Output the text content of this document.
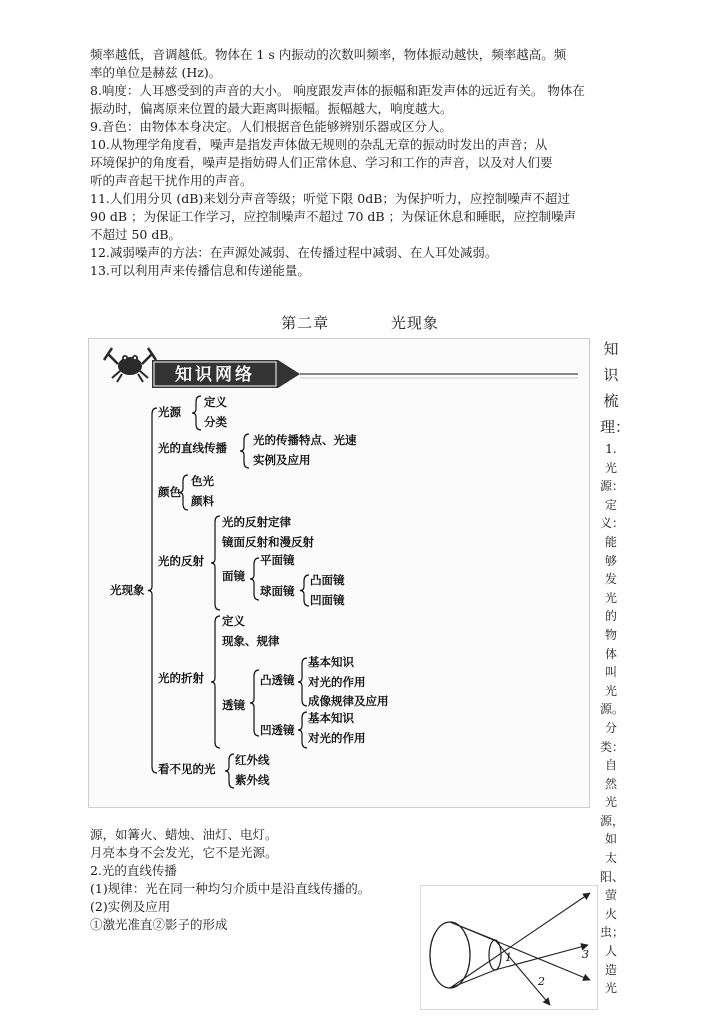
频率越低，音调越低。物体在 1 s 内振动的次数叫频率，物体振动越快，频率越高。频

率的单位是赫兹 (Hz)。

8.响度：人耳感受到的声音的大小。 响度跟发声体的振幅和距发声体的远近有关。 物体在

振动时，偏离原来位置的最大距离叫振幅。振幅越大，响度越大。

9.音色：由物体本身决定。人们根据音色能够辨别乐器或区分人。

10.从物理学角度看，噪声是指发声体做无规则的杂乱无章的振动时发出的声音；从

环境保护的角度看，噪声是指妨碍人们正常休息、学习和工作的声音，以及对人们要

听的声音起干扰作用的声音。

11.人们用分贝 (dB)来划分声音等级；听觉下限 0dB；为保护听力，应控制噪声不超过

90 dB ；为保证工作学习，应控制噪声不超过 70 dB ；为保证休息和睡眠，应控制噪声

不超过 50 dB。

12.减弱噪声的方法：在声源处减弱、在传播过程中减弱、在人耳处减弱。

13.可以利用声来传播信息和传递能量。

第二章	光现象
知识网络
光现象
光源
定义
分类
光的直线传播
光的传播特点、光速
实例及应用
颜色
色光
颜料
光的反射
光的反射定律
镜面反射和漫反射
面镜
平面镜
球面镜
凸面镜
凹面镜
光的折射
定义
现象、规律
透镜
凸透镜
基本知识
对光的作用
成像规律及应用
凹透镜
基本知识
对光的作用
看不见的光
红外线
紫外线
知
识
梳
理：
1. 光
源：
定
义：
能够
发光
的物
体叫
光
源。
分
类：
自然
光
源，
如太
阳、
萤火
虫；
人造
光

源，如篝火、蜡烛、油灯、电灯。

月亮本身不会发光，它不是光源。

2.光的直线传播

(1)规律：光在同一种均匀介质中是沿直线传播的。

(2)实例及应用

①激光准直②影子的形成

1
2
3
